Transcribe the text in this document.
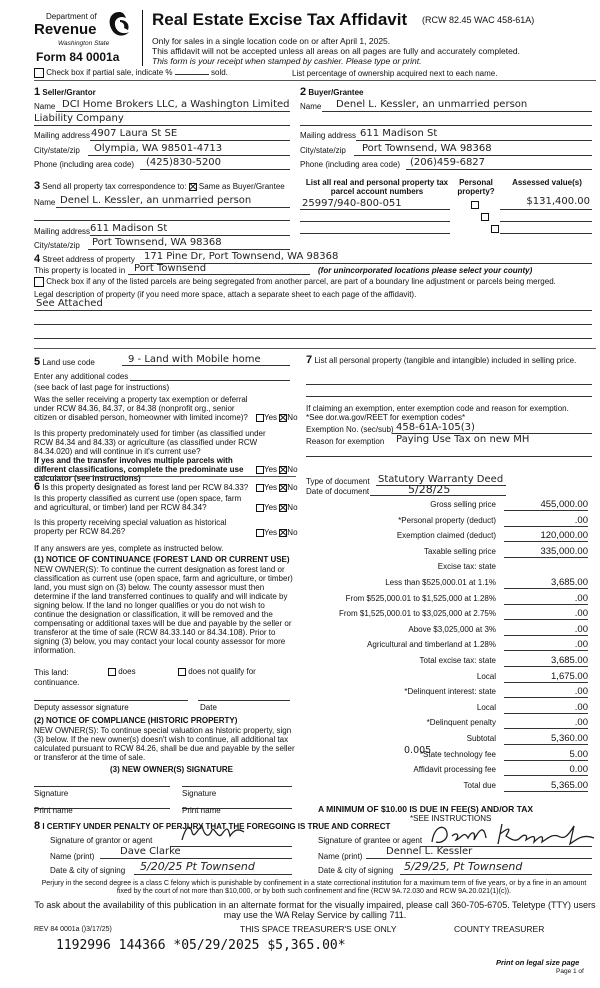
Department of
Revenue
Washington State
Form 84 0001a
Real Estate Excise Tax Affidavit (RCW 82.45 WAC 458-61A)
Only for sales in a single location code on or after April 1, 2025.
This affidavit will not be accepted unless all areas on all pages are fully and accurately completed.
This form is your receipt when stamped by cashier. Please type or print.
Check box if partial sale, indicate %	sold.	List percentage of ownership acquired next to each name.
1 Seller/Grantor
Name DCI Home Brokers LLC, a Washington Limited
Liability Company
Mailing address 4907 Laura St SE
City/state/zip Olympia, WA 98501-4713
Phone (including area code) (425)830-5200
2 Buyer/Grantee
Name Denel L. Kessler, an unmarried person
Mailing address 611 Madison St
City/state/zip Port Townsend, WA 98368
Phone (including area code) (206)459-6827
3 Send all property tax correspondence to: Same as Buyer/Grantee
Name Denel L. Kessler, an unmarried person
Mailing address 611 Madison St
City/state/zip Port Townsend, WA 98368
List all real and personal property tax parcel account numbers
Personal property?
Assessed value(s)
25997/940-800-051
	$131,400.00
4 Street address of property 171 Pine Dr, Port Townsend, WA 98368
This property is located in Port Townsend	(for unincorporated locations please select your county)
Check box if any of the listed parcels are being segregated from another parcel, are part of a boundary line adjustment or parcels being merged.
Legal description of property (if you need more space, attach a separate sheet to each page of the affidavit).
See Attached
5 Land use code	9 - Land with Mobile home
Enter any additional codes
(see back of last page for instructions)
Was the seller receiving a property tax exemption or deferral under RCW 84.36, 84.37, or 84.38 (nonprofit org., senior citizen or disabled person, homeowner with limited income)?	Yes No
Is this property predominately used for timber (as classified under RCW 84.34 and 84.33) or agriculture (as classified under RCW 84.34.020) and will continue in it's current use?
If yes and the transfer involves multiple parcels with different classifications, complete the predominate use calculator (see instructions)
Yes No
6 Is this property designated as forest land per RCW 84.33?	Yes No
Is this property classified as current use (open space, farm and agricultural, or timber) land per RCW 84.34?	Yes No
Is this property receiving special valuation as historical property per RCW 84.26?	Yes No
If any answers are yes, complete as instructed below.
(1) NOTICE OF CONTINUANCE (FOREST LAND OR CURRENT USE)
NEW OWNER(S): To continue the current designation as forest land or classification as current use (open space, farm and agriculture, or timber) land, you must sign on (3) below. The county assessor must then determine if the land transferred continues to qualify and will indicate by signing below. If the land no longer qualifies or you do not wish to continue the designation or classification, it will be removed and the compensating or additional taxes will be due and payable by the seller or transferor at the time of sale (RCW 84.33.140 or 84.34.108). Prior to signing (3) below, you may contact your local county assessor for more information.
This land:	does	does not qualify for
continuance.
Deputy assessor signature	Date
(2) NOTICE OF COMPLIANCE (HISTORIC PROPERTY)
NEW OWNER(S): To continue special valuation as historic property, sign (3) below. If the new owner(s) doesn't wish to continue, all additional tax calculated pursuant to RCW 84.26, shall be due and payable by the seller or transferor at the time of sale.
(3) NEW OWNER(S) SIGNATURE
Signature	Signature
Print name	Print name
7 List all personal property (tangible and intangible) included in selling price.
If claiming an exemption, enter exemption code and reason for exemption. *See dor.wa.gov/REET for exemption codes*
Exemption No. (sec/sub) 458-61A-105(3)
Reason for exemption Paying Use Tax on new MH
Type of document Statutory Warranty Deed
Date of document	5/28/25
Gross selling price	455,000.00
*Personal property (deduct)	.00
Exemption claimed (deduct)	120,000.00
Taxable selling price	335,000.00
Excise tax: state
Less than $525,000.01 at 1.1%	3,685.00
From $525,000.01 to $1,525,000 at 1.28%	.00
From $1,525,000.01 to $3,025,000 at 2.75%	.00
Above $3,025,000 at 3%	.00
Agricultural and timberland at 1.28%	.00
Total excise tax: state	3,685.00
Local	1,675.00
*Delinquent interest: state	.00
Local	.00
*Delinquent penalty	.00
Subtotal	5,360.00
*State technology fee	5.00
Affidavit processing fee	0.00
Total due	5,365.00
0.005
A MINIMUM OF $10.00 IS DUE IN FEE(S) AND/OR TAX
*SEE INSTRUCTIONS
8 I CERTIFY UNDER PENALTY OF PERJURY THAT THE FOREGOING IS TRUE AND CORRECT
Signature of grantor or agent
Name (print)	Dave Clarke
Date & city of signing 5/20/25 Pt Townsend
Signature of grantee or agent
Name (print) Dennel L. Kessler
Date & city of signing 5/29/25, Pt Townsend
Perjury in the second degree is a class C felony which is punishable by confinement in a state correctional institution for a maximum term of five years, or by a fine in an amount fixed by the court of not more than $10,000, or by both such confinement and fine (RCW 9A.72.030 and RCW 9A.20.021(1)(c)).
To ask about the availability of this publication in an alternate format for the visually impaired, please call 360-705-6705. Teletype (TTY) users may use the WA Relay Service by calling 711.
REV 84 0001a ()3/17/25)	THIS SPACE TREASURER'S USE ONLY	COUNTY TREASURER
1192996 144366 *05/29/2025 $5,365.00*
Print on legal size page
Page 1 of
